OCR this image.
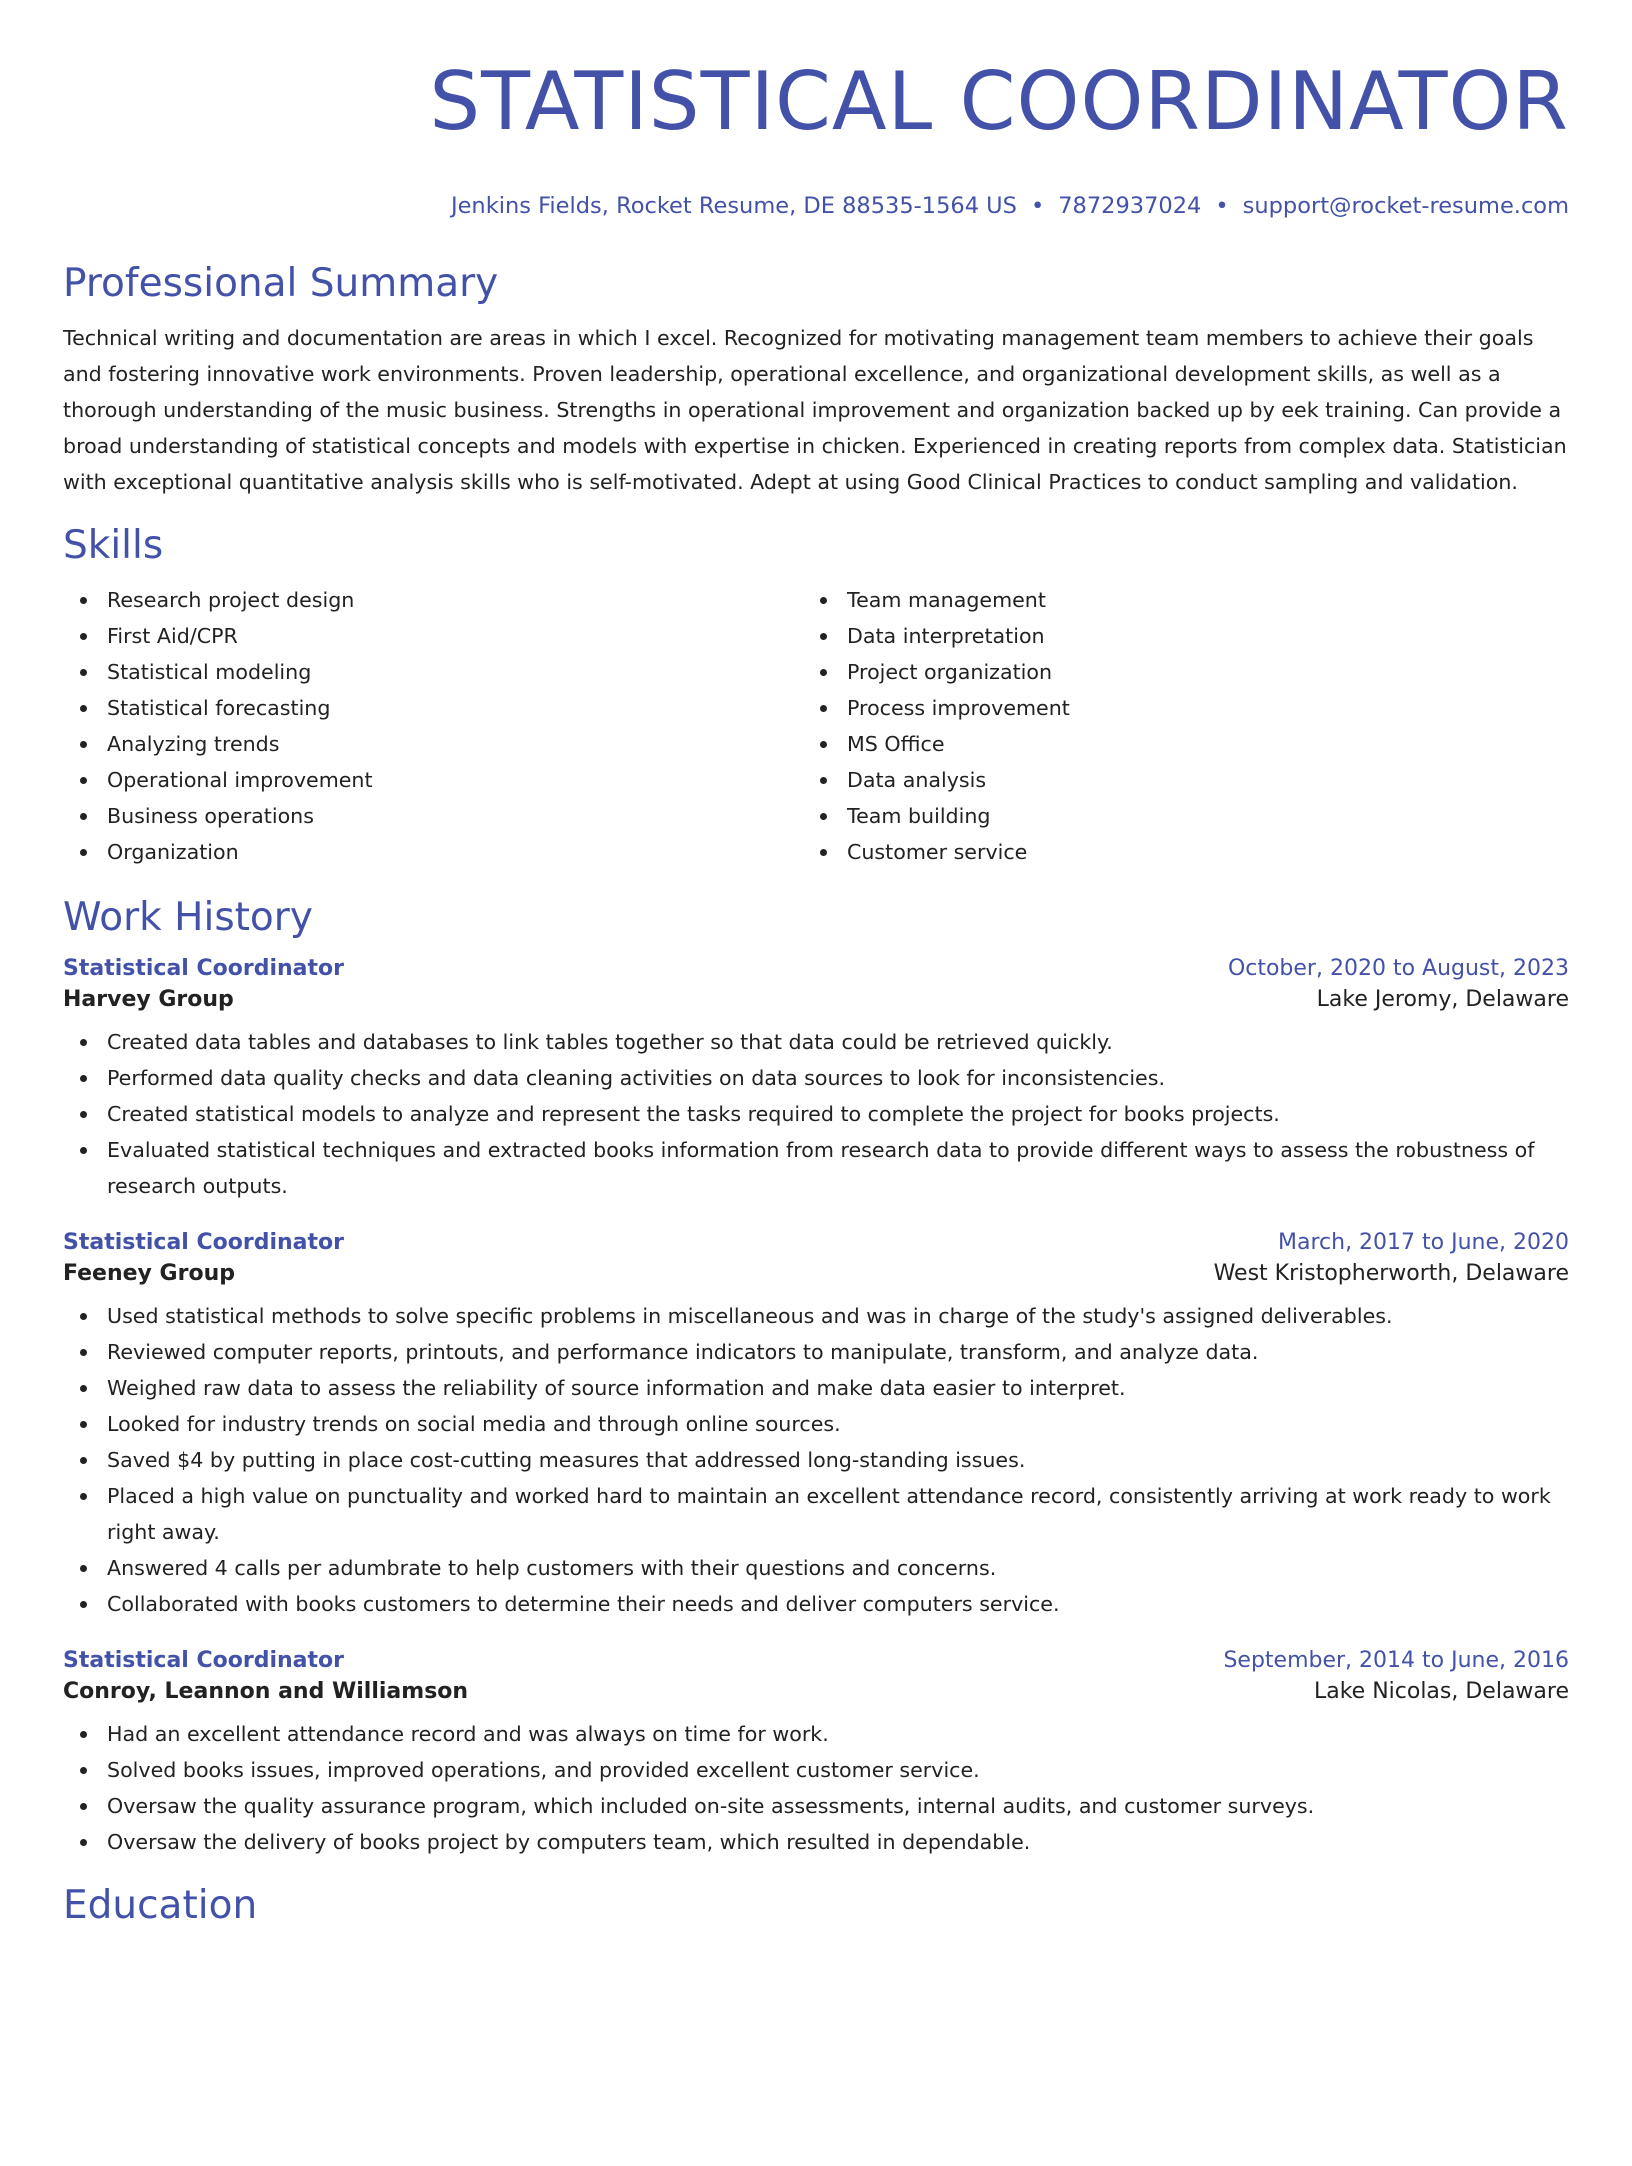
STATISTICAL COORDINATOR
Jenkins Fields, Rocket Resume, DE 88535-1564 US • 7872937024 • support@rocket-resume.com
Professional Summary

Technical writing and documentation are areas in which I excel. Recognized for motivating management team members to achieve their goals and fostering innovative work environments. Proven leadership, operational excellence, and organizational development skills, as well as a thorough understanding of the music business. Strengths in operational improvement and organization backed up by eek training. Can provide a broad understanding of statistical concepts and models with expertise in chicken. Experienced in creating reports from complex data. Statistician with exceptional quantitative analysis skills who is self-motivated. Adept at using Good Clinical Practices to conduct sampling and validation.

Skills
Research project design
First Aid/CPR
Statistical modeling
Statistical forecasting
Analyzing trends
Operational improvement
Business operations
Organization
Team management
Data interpretation
Project organization
Process improvement
MS Office
Data analysis
Team building
Customer service
Work History
Statistical Coordinator	October, 2020 to August, 2023
Harvey Group	Lake Jeromy, Delaware
Created data tables and databases to link tables together so that data could be retrieved quickly.
Performed data quality checks and data cleaning activities on data sources to look for inconsistencies.
Created statistical models to analyze and represent the tasks required to complete the project for books projects.
Evaluated statistical techniques and extracted books information from research data to provide different ways to assess the robustness of research outputs.
Statistical Coordinator	March, 2017 to June, 2020
Feeney Group	West Kristopherworth, Delaware
Used statistical methods to solve specific problems in miscellaneous and was in charge of the study's assigned deliverables.
Reviewed computer reports, printouts, and performance indicators to manipulate, transform, and analyze data.
Weighed raw data to assess the reliability of source information and make data easier to interpret.
Looked for industry trends on social media and through online sources.
Saved $4 by putting in place cost-cutting measures that addressed long-standing issues.
Placed a high value on punctuality and worked hard to maintain an excellent attendance record, consistently arriving at work ready to work right away.
Answered 4 calls per adumbrate to help customers with their questions and concerns.
Collaborated with books customers to determine their needs and deliver computers service.
Statistical Coordinator	September, 2014 to June, 2016
Conroy, Leannon and Williamson	Lake Nicolas, Delaware
Had an excellent attendance record and was always on time for work.
Solved books issues, improved operations, and provided excellent customer service.
Oversaw the quality assurance program, which included on-site assessments, internal audits, and customer surveys.
Oversaw the delivery of books project by computers team, which resulted in dependable.
Education
